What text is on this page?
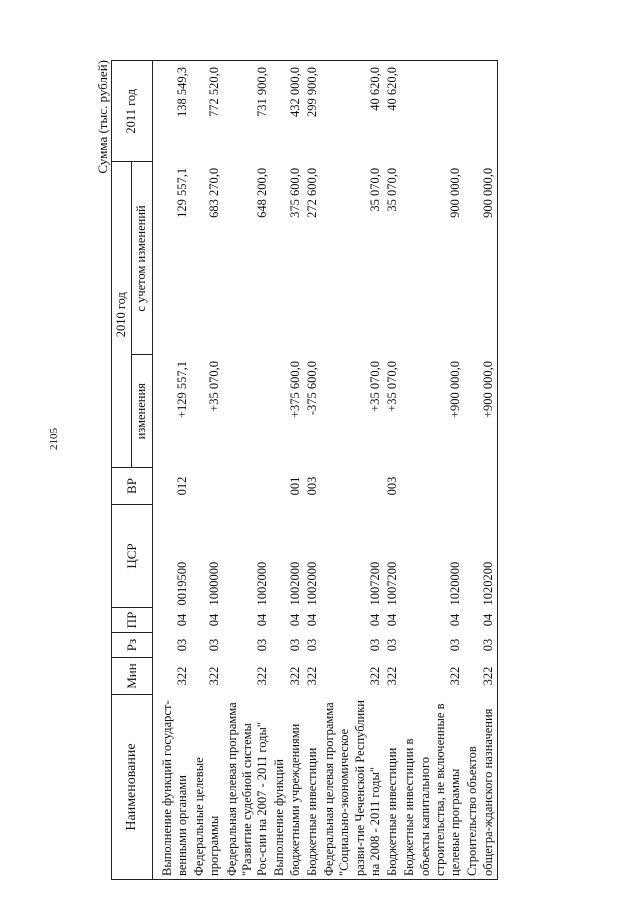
2105
Сумма (тыс. рублей)
Наименование	Мин	Рз	ПР	ЦСР	ВР	2010 год		2011 год
						изменения	с учетом изменений	

Выполнение функций государст-венными органами	322	03	04	0019500	012	+129 557,1	129 557,1	138 549,3
Федеральные целевые программы	322	03	04	1000000		+35 070,0	683 270,0	772 520,0
Федеральная целевая программа "Развитие судебной системы Рос-сии на 2007 - 2011 годы"	322	03	04	1002000			648 200,0	731 900,0
Выполнение функций бюджетными учреждениями	322	03	04	1002000	001	+375 600,0	375 600,0	432 000,0
Бюджетные инвестиции	322	03	04	1002000	003	-375 600,0	272 600,0	299 900,0
Федеральная целевая программа "Социально-экономическое разви-тие Чеченской Республики на 2008 - 2011 годы"	322	03	04	1007200		+35 070,0	35 070,0	40 620,0
Бюджетные инвестиции	322	03	04	1007200	003	+35 070,0	35 070,0	40 620,0
Бюджетные инвестиции в объекты капитального строительства, не включенные в целевые программы	322	03	04	1020000		+900 000,0	900 000,0	
Строительство объектов общегра-жданского назначения	322	03	04	1020200		+900 000,0	900 000,0	
